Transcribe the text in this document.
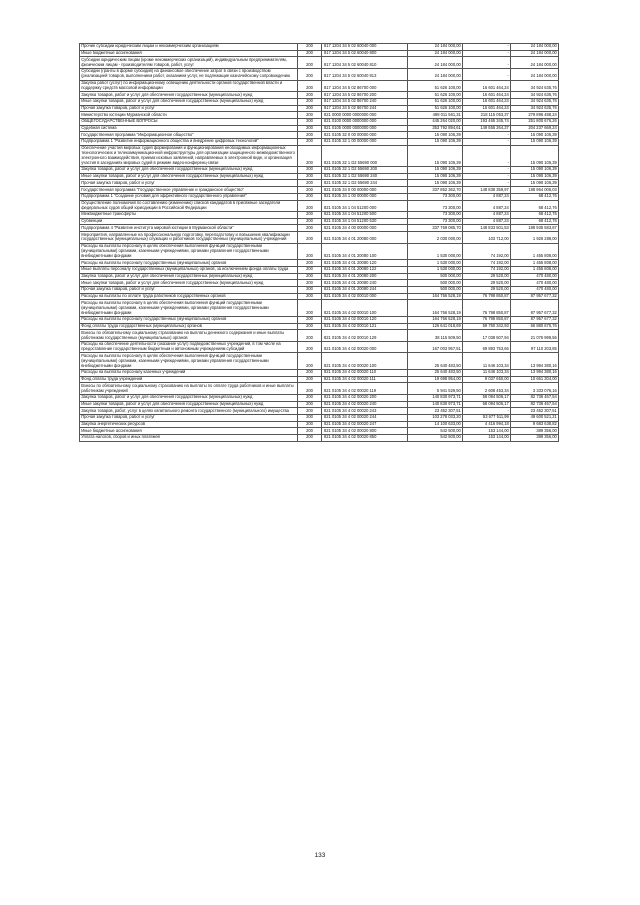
Прочие субсидии юридическим лицам и некоммерческим организациям	200	817 1204 34 5 02 60040 000	24 184 000,00	-	24 184 000,00
Иные бюджетные ассигнования	200	817 1204 34 5 02 60040 800	24 184 000,00	-	24 184 000,00
Субсидии юридическим лицам (кроме некоммерческих организаций), индивидуальным предпринимателям, физическим лицам - производителям товаров, работ, услуг	200	817 1204 34 5 02 60040 810	24 184 000,00	-	24 184 000,00
Субсидии (гранты в форме субсидий) на финансовое обеспечение затрат в связи с производством (реализацией товаров, выполнением работ, оказанием услуг, не подлежащие казначейскому сопровождению	200	817 1204 34 5 02 60040 813	24 184 000,00	-	24 184 000,00
Закупка работ (услуг) по информационному освещению деятельности органов государственной власти и поддержку средств массовой информации	200	817 1204 34 5 02 86700 000	51 626 100,00	16 601 464,24	34 924 635,76
Закупка товаров, работ и услуг для обеспечения государственных (муниципальных) нужд	200	817 1204 34 5 02 86700 200	51 626 100,00	16 601 464,24	34 924 635,76
Иные закупки товаров, работ и услуг для обеспечения государственных (муниципальных) нужд	200	817 1204 34 5 02 86700 240	51 626 100,00	16 601 464,24	34 924 635,76
Прочая закупка товаров, работ и услуг	200	817 1204 34 5 02 86700 244	51 626 100,00	16 601 464,24	34 924 635,76
Министерство юстиции Мурманской области	200	821 0000 0000 0000000 000	498 011 561,31	218 115 053,37	279 896 488,24
ОБЩЕГОСУДАРСТВЕННЫЕ ВОПРОСЫ	200	821 0100 0000 0000000 000	445 264 020,00	193 465 345,74	251 800 676,26
Судебная система	200	821 0105 0000 0000000 000	353 792 894,61	149 555 264,37	204 237 669,24
Государственная программа "Информационное общество"	200	821 0105 32 0 00 00000 000	15 090 106,39	-	15 090 106,39
Подпрограмма 1 "Развитие информационного общества и внедрение цифровых технологий"	200	821 0105 32 1 00 00000 000	15 090 106,39	-	15 090 106,39
Обеспечение участия мировых судей формирования и функционирования необходимых информационных технологических и телекоммуникационной инфраструктуры для организации защищенного межведомственного электронного взаимодействия, приема исковых заявлений, направляемых в электронной виде, и организация участия в заседаниях мировых судей в режиме видео-конференц-связи	200	821 0105 32 1 D2 55690 000	15 090 106,39	-	15 090 106,39
Закупка товаров, работ и услуг для обеспечения государственных (муниципальных) нужд	200	821 0105 32 1 D2 55690 200	15 090 106,39	-	15 090 106,39
Иные закупки товаров, работ и услуг для обеспечения государственных (муниципальных) нужд	200	821 0105 32 1 D2 55690 240	15 090 106,39	-	15 090 106,39
Прочая закупка товаров, работ и услуг	200	821 0105 32 1 D2 55690 244	15 090 106,39	-	15 090 106,39
Государственная программа "Государственное управление и гражданское общество"	200	821 0105 34 0 00 00000 000	337 852 362,70	148 838 359,97	188 964 006,03
Подпрограмма 1 "Создание условий для эффективного государственного управления"	200	821 0105 34 1 00 00000 000	73 300,00	4 887,24	68 412,76
Осуществление полномочий по составлению (изменению) списков кандидатов в присяжные заседатели федеральных судов общей юрисдикции в Российской Федерации	200	821 0105 34 1 04 51200 000	73 300,00	4 887,24	68 412,76
Межбюджетные трансферты	200	821 0105 34 1 04 51200 500	73 300,00	4 887,24	68 412,76
Субвенции	200	821 0105 34 1 04 51200 530	73 300,00	4 887,24	68 412,76
Подпрограмма 4 "Развитие института мировой юстиции в Мурманской области"	200	821 0105 34 4 00 00000 000	337 769 085,70	148 833 501,53	188 935 583,87
Мероприятия, направленные на профессиональную подготовку, переподготовку и повышение квалификации государственных (муниципальных) служащих и работников государственных (муниципальных) учреждений	200	821 0105 34 4 01 20080 000	2 030 000,00	103 712,00	1 926 288,00
Расходы на выплаты персоналу в целях обеспечения выполнения функций государственными (муниципальными) органами, казенными учреждениями, органами управления государственными внебюджетными фондами	200	821 0105 34 4 01 20080 100	1 530 000,00	74 192,00	1 455 808,00
Расходы на выплаты персоналу государственных (муниципальных) органов	200	821 0105 34 4 01 20080 120	1 530 000,00	74 192,00	1 455 808,00
Иные выплаты персоналу государственных (муниципальных) органов, за исключением фонда оплаты труда	200	821 0105 34 4 01 20080 122	1 530 000,00	74 192,00	1 455 808,00
Закупка товаров, работ и услуг для обеспечения государственных (муниципальных) нужд	200	821 0105 34 4 01 20080 200	500 000,00	29 520,00	470 480,00
Иные закупки товаров, работ и услуг для обеспечения государственных (муниципальных) нужд	200	821 0105 34 4 01 20080 240	500 000,00	29 520,00	470 480,00
Прочая закупка товаров, работ и услуг	200	821 0105 34 4 01 20080 244	500 000,00	29 520,00	470 480,00
Расходы на выплаты по оплате труда работников государственных органов	200	821 0105 34 4 02 00010 000	164 756 528,19	76 798 850,87	87 957 677,32
Расходы на выплаты персоналу в целях обеспечения выполнения функций государственными (муниципальными) органами, казенными учреждениями, органами управления государственными внебюджетными фондами	200	821 0105 34 4 02 00010 100	164 756 528,19	76 798 850,87	87 957 677,32
Расходы на выплаты персоналу государственных (муниципальных) органов	200	821 0105 34 4 02 00010 120	164 756 528,19	76 798 850,87	87 957 677,32
Фонд оплаты труда государственных (муниципальных) органов	200	821 0105 34 4 02 00010 121	126 641 018,69	59 760 342,93	66 880 675,76
Взносы по обязательному социальному страхованию на выплаты денежного содержания и иные выплаты работникам государственных (муниципальных) органов	200	821 0105 34 4 02 00010 129	38 115 509,50	17 038 507,94	21 076 999,56
Расходы на обеспечение деятельности (оказание услуг) подведомственных учреждений, в том числе на предоставление государственным бюджетным и автономным учреждениям субсидий	200	821 0105 34 4 02 00020 000	167 003 957,51	69 893 753,66	97 110 203,85
Расходы на выплаты персоналу в целях обеспечения выполнения функций государственными (муниципальными) органами, казенными учреждениями, органами управления государственными внебюджетными фондами	200	821 0105 34 4 02 00020 100	25 640 483,50	11 646 103,34	13 994 380,16
Расходы на выплаты персоналу казенных учреждений	200	821 0105 34 4 02 00020 110	25 640 483,50	11 646 103,34	13 994 380,16
Фонд оплаты труда учреждений	200	821 0105 34 4 02 00020 111	19 698 954,00	9 037 650,00	10 661 304,00
Взносы по обязательному социальному страхованию на выплаты по оплате труда работников и иные выплаты работникам учреждений	200	821 0105 34 4 02 00020 119	5 941 529,50	2 608 453,34	3 333 076,16
Закупка товаров, работ и услуг для обеспечения государственных (муниципальных) нужд	200	821 0105 34 4 02 00020 200	140 830 973,71	58 094 506,17	82 736 467,54
Иные закупки товаров, работ и услуг для обеспечения государственных (муниципальных) нужд	200	821 0105 34 4 02 00020 240	140 830 973,71	58 094 506,17	82 736 467,54
Закупка товаров, работ, услуг в целях капитального ремонта государственного (муниципального) имущества	200	821 0105 34 4 02 00020 243	23 452 307,51	-	23 452 307,51
Прочая закупка товаров, работ и услуг	200	821 0105 34 4 02 00020 244	103 278 033,20	53 677 511,99	49 600 521,21
Закупка энергетических ресурсов	200	821 0105 34 4 02 00020 247	14 100 633,00	4 416 994,18	9 683 638,82
Иные бюджетные ассигнования	200	821 0105 34 4 02 00020 800	542 500,00	153 144,00	389 356,00
Уплата налогов, сборов и иных платежей	200	821 0105 34 4 02 00020 850	542 500,00	153 144,00	389 356,00
133
